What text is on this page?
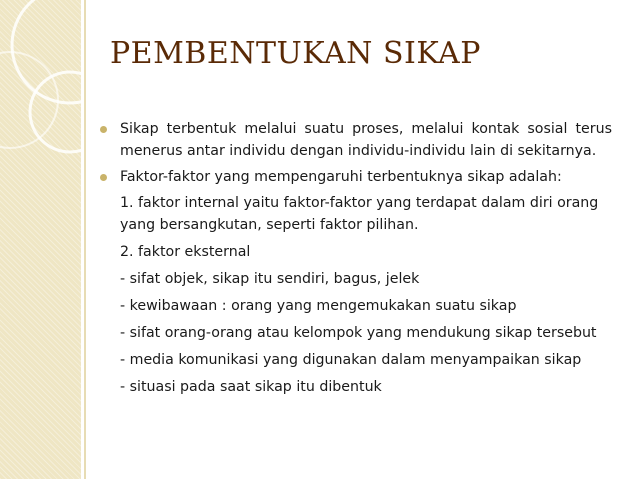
PEMBENTUKAN SIKAP
Sikap terbentuk melalui suatu proses, melalui kontak sosial terus menerus antar individu dengan individu-individu lain di sekitarnya.
Faktor-faktor yang mempengaruhi terbentuknya sikap adalah:
1. faktor internal yaitu faktor-faktor yang terdapat dalam diri orang yang bersangkutan, seperti faktor pilihan.
2. faktor eksternal
- sifat objek, sikap itu sendiri, bagus, jelek
- kewibawaan : orang yang mengemukakan suatu sikap
- sifat orang-orang atau kelompok yang mendukung sikap tersebut
- media komunikasi yang digunakan dalam menyampaikan sikap
- situasi pada saat sikap itu dibentuk
